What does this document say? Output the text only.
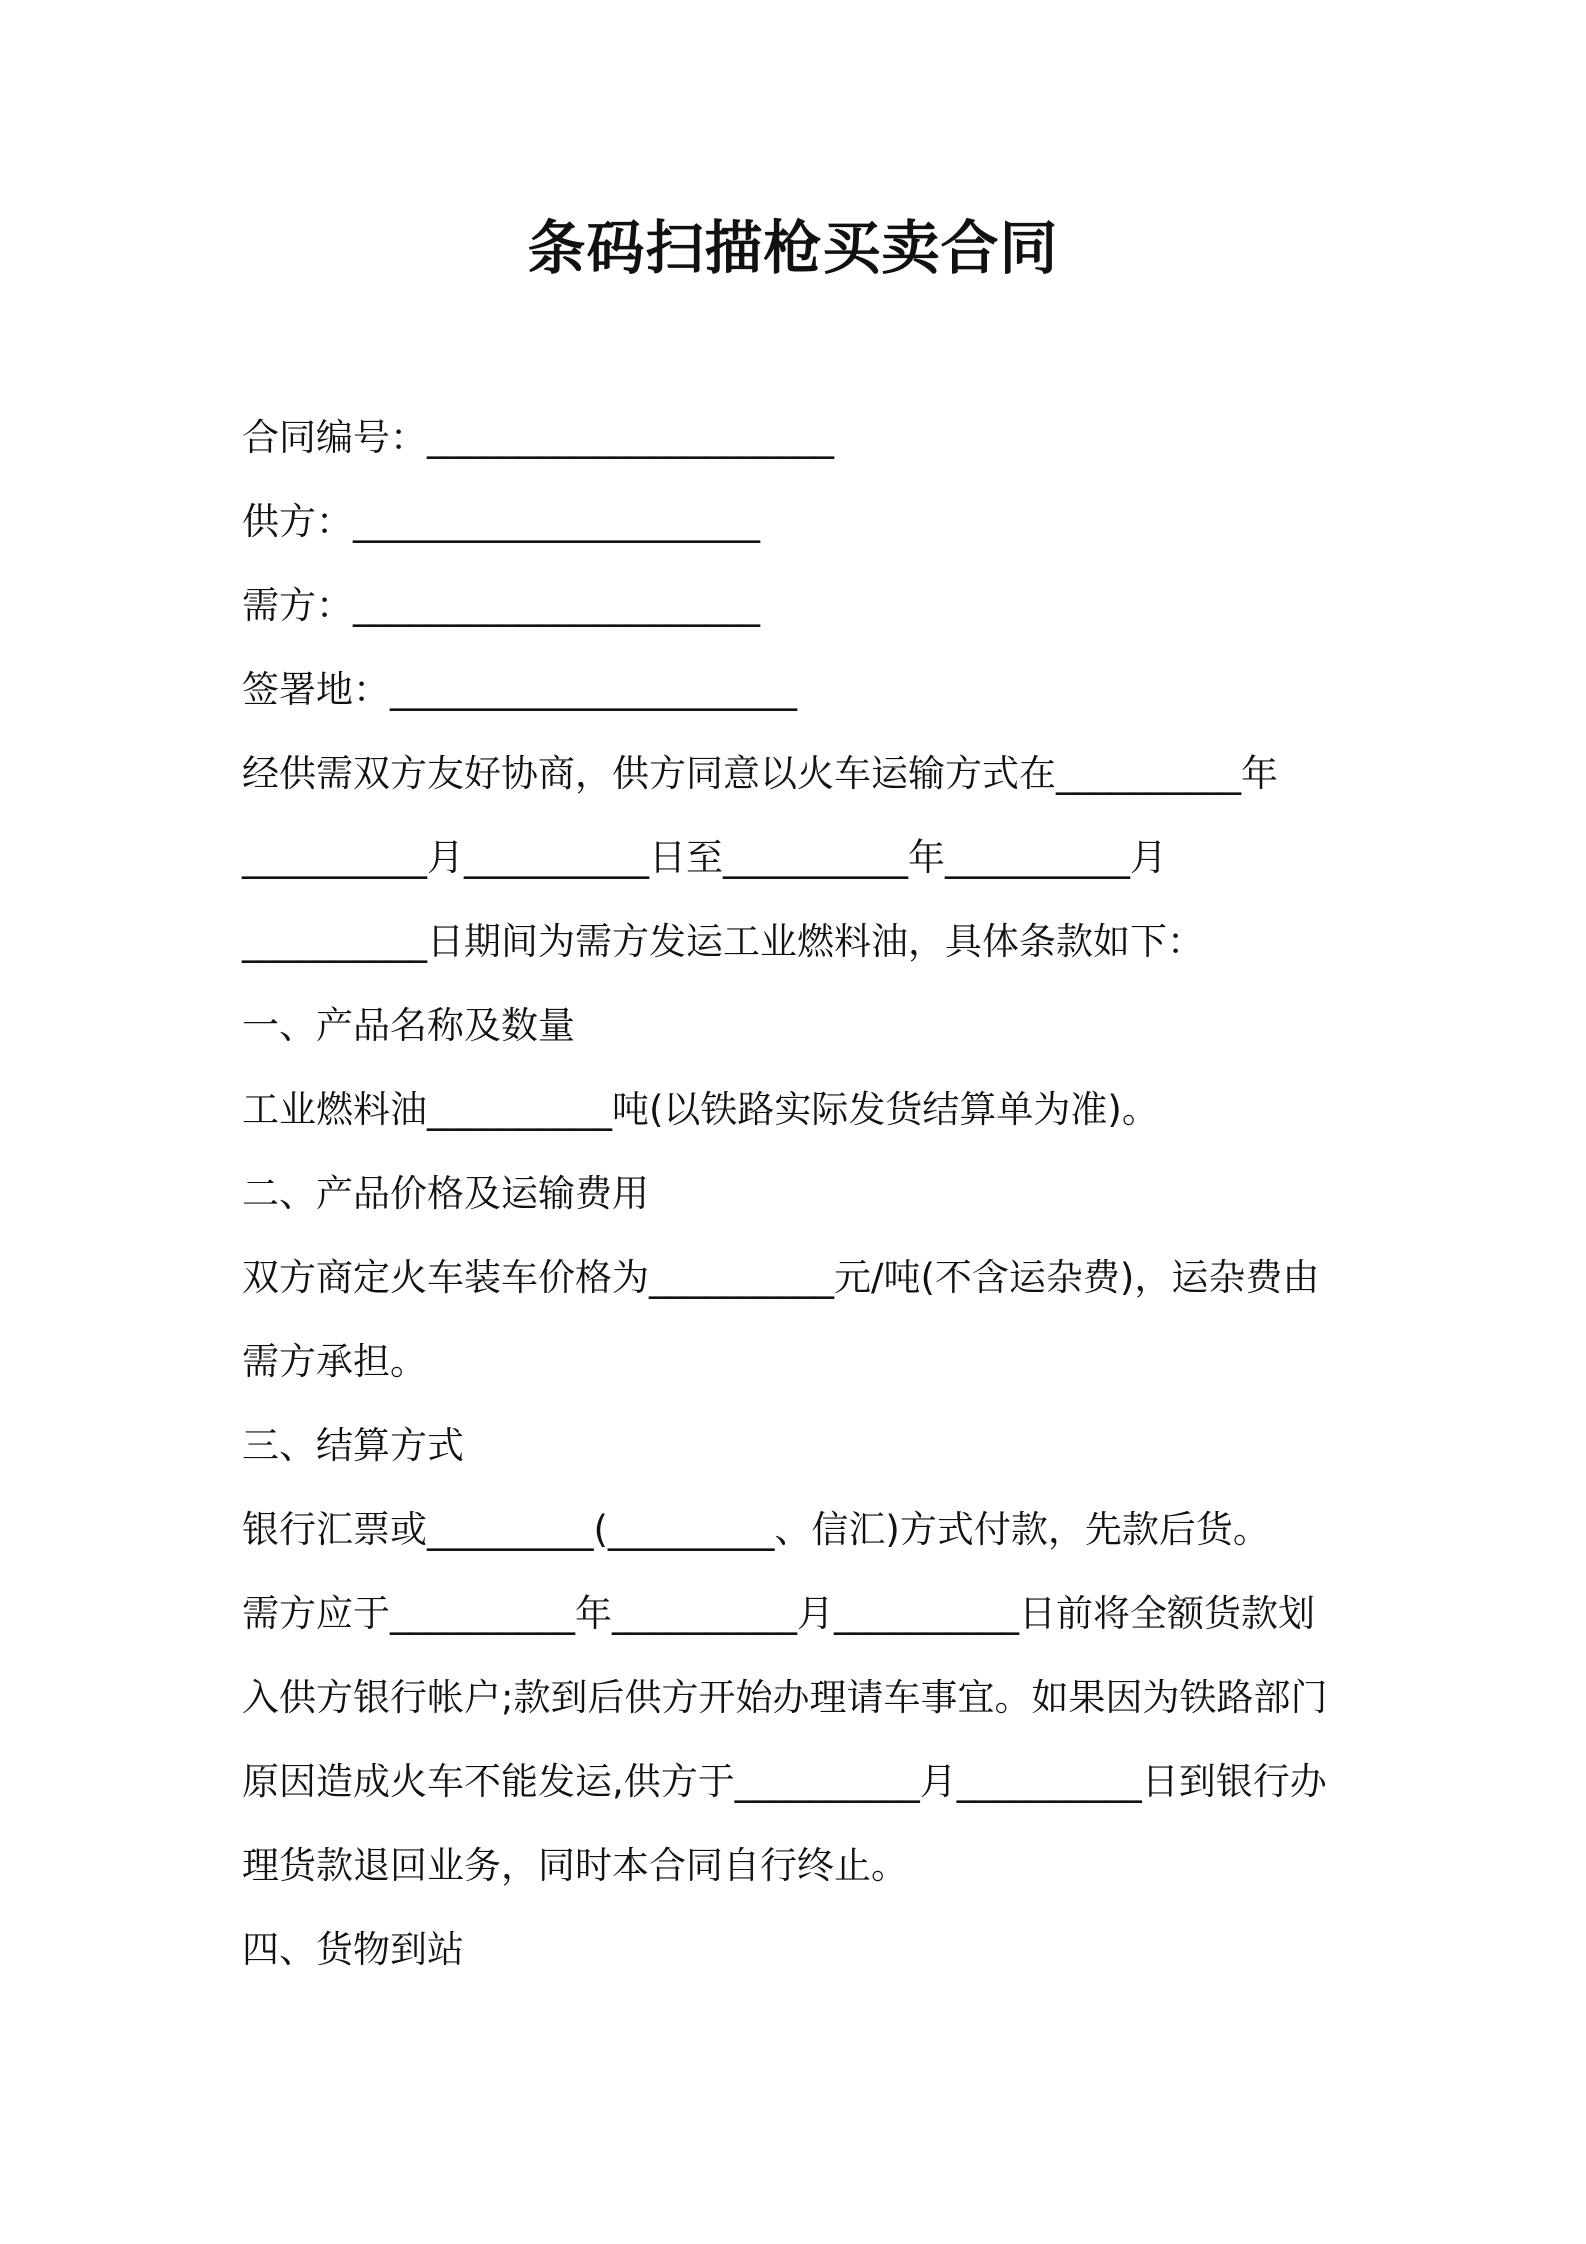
条码扫描枪买卖合同
合同编号：______________________
供方：______________________
需方：______________________
签署地：______________________
经供需双方友好协商，供方同意以火车运输方式在__________年
__________月__________日至__________年__________月
__________日期间为需方发运工业燃料油，具体条款如下：
一、产品名称及数量
工业燃料油__________吨(以铁路实际发货结算单为准)。
二、产品价格及运输费用
双方商定火车装车价格为__________元/吨(不含运杂费)，运杂费由
需方承担。
三、结算方式
银行汇票或_________(_________、信汇)方式付款，先款后货。
需方应于__________年__________月__________日前将全额货款划
入供方银行帐户;款到后供方开始办理请车事宜。如果因为铁路部门
原因造成火车不能发运,供方于__________月__________日到银行办
理货款退回业务，同时本合同自行终止。
四、货物到站
